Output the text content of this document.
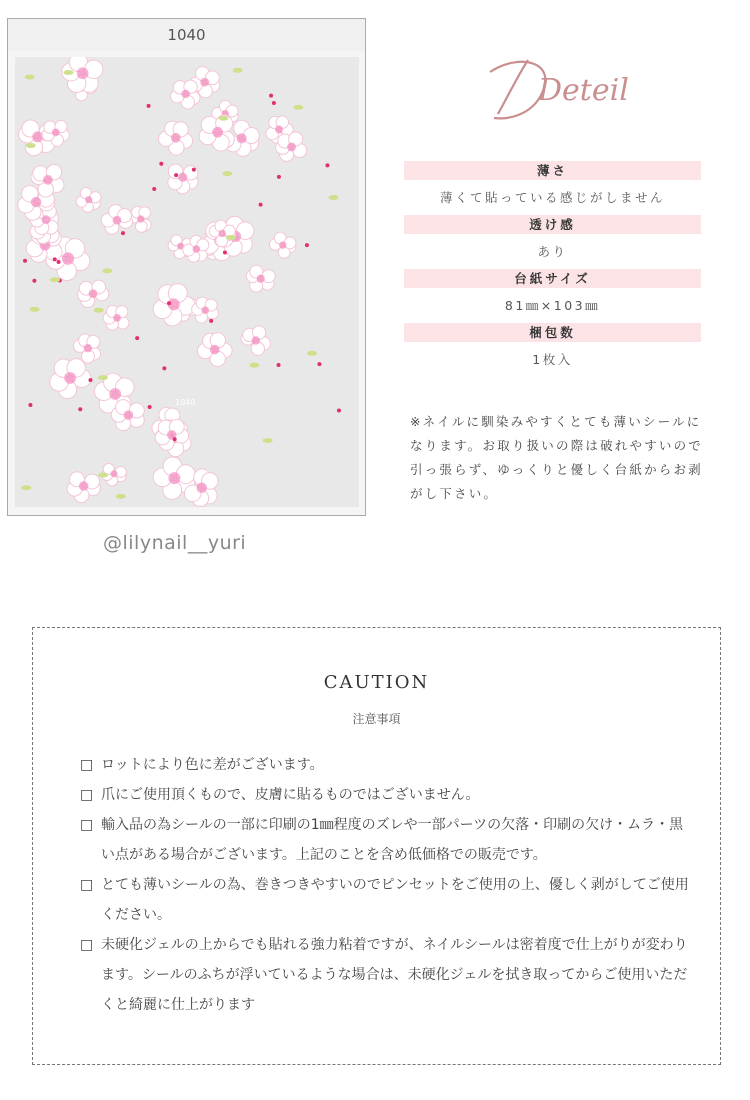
1040
1040
@lilynail__yuri
Deteil
薄さ
薄くて貼っている感じがしません
透け感
あり
台紙サイズ
81㎜×103㎜
梱包数
1枚入
※ネイルに馴染みやすくとても薄いシールになります。お取り扱いの際は破れやすいので引っ張らず、ゆっくりと優しく台紙からお剥がし下さい。
CAUTION
注意事項
□ ロットにより色に差がございます。
□ 爪にご使用頂くもので、皮膚に貼るものではございません。
□ 輸入品の為シールの一部に印刷の1㎜程度のズレや一部パーツの欠落・印刷の欠け・ムラ・黒い点がある場合がございます。上記のことを含め低価格での販売です。
□ とても薄いシールの為、巻きつきやすいのでピンセットをご使用の上、優しく剥がしてご使用ください。
□ 未硬化ジェルの上からでも貼れる強力粘着ですが、ネイルシールは密着度で仕上がりが変わります。シールのふちが浮いているような場合は、未硬化ジェルを拭き取ってからご使用いただくと綺麗に仕上がります
